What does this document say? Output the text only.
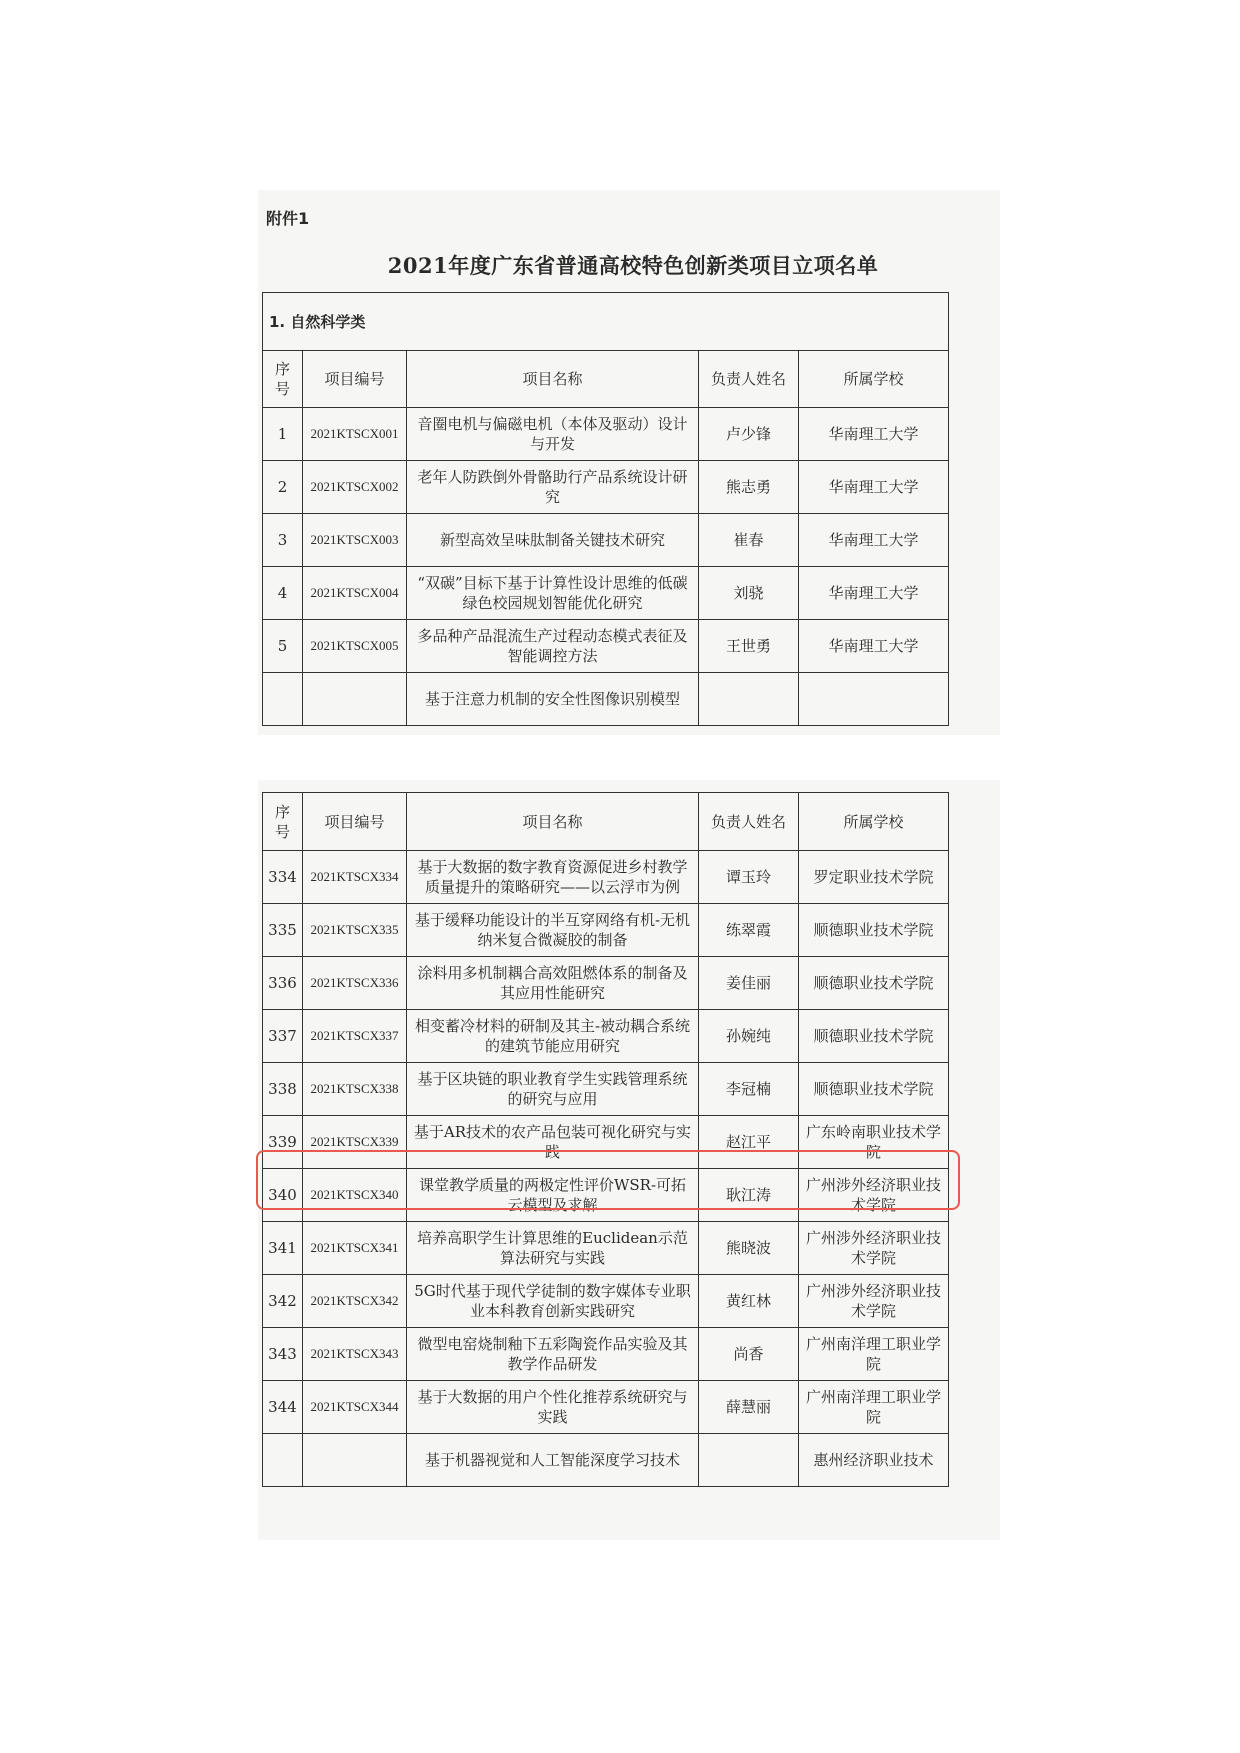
附件1
2021年度广东省普通高校特色创新类项目立项名单
1. 自然科学类				
序号	项目编号	项目名称	负责人姓名	所属学校
1	2021KTSCX001	音圈电机与偏磁电机（本体及驱动）设计与开发	卢少锋	华南理工大学
2	2021KTSCX002	老年人防跌倒外骨骼助行产品系统设计研究	熊志勇	华南理工大学
3	2021KTSCX003	新型高效呈味肽制备关键技术研究	崔春	华南理工大学
4	2021KTSCX004	“双碳”目标下基于计算性设计思维的低碳绿色校园规划智能优化研究	刘骁	华南理工大学
5	2021KTSCX005	多品种产品混流生产过程动态模式表征及智能调控方法	王世勇	华南理工大学
		基于注意力机制的安全性图像识别模型		
序号	项目编号	项目名称	负责人姓名	所属学校
334	2021KTSCX334	基于大数据的数字教育资源促进乡村教学质量提升的策略研究——以云浮市为例	谭玉玲	罗定职业技术学院
335	2021KTSCX335	基于缓释功能设计的半互穿网络有机-无机纳米复合微凝胶的制备	练翠霞	顺德职业技术学院
336	2021KTSCX336	涂料用多机制耦合高效阻燃体系的制备及其应用性能研究	姜佳丽	顺德职业技术学院
337	2021KTSCX337	相变蓄冷材料的研制及其主-被动耦合系统的建筑节能应用研究	孙婉纯	顺德职业技术学院
338	2021KTSCX338	基于区块链的职业教育学生实践管理系统的研究与应用	李冠楠	顺德职业技术学院
339	2021KTSCX339	基于AR技术的农产品包装可视化研究与实践	赵江平	广东岭南职业技术学院
340	2021KTSCX340	课堂教学质量的两极定性评价WSR-可拓云模型及求解	耿江涛	广州涉外经济职业技术学院
341	2021KTSCX341	培养高职学生计算思维的Euclidean示范算法研究与实践	熊晓波	广州涉外经济职业技术学院
342	2021KTSCX342	5G时代基于现代学徒制的数字媒体专业职业本科教育创新实践研究	黄红林	广州涉外经济职业技术学院
343	2021KTSCX343	微型电窑烧制釉下五彩陶瓷作品实验及其教学作品研发	尚香	广州南洋理工职业学院
344	2021KTSCX344	基于大数据的用户个性化推荐系统研究与实践	薛慧丽	广州南洋理工职业学院
		基于机器视觉和人工智能深度学习技术		惠州经济职业技术
